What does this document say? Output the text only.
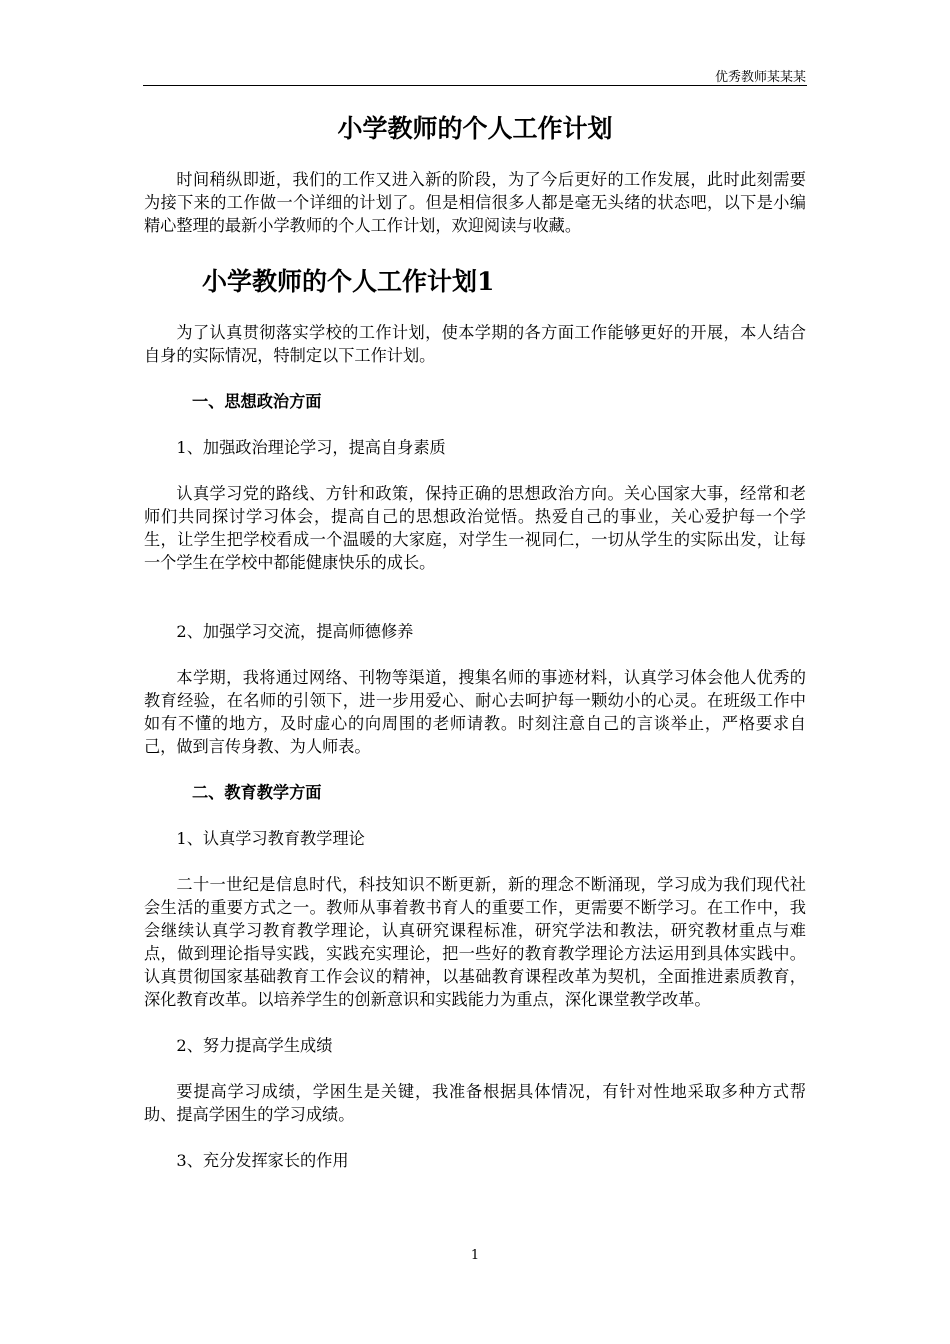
优秀教师某某某
小学教师的个人工作计划

时间稍纵即逝，我们的工作又进入新的阶段，为了今后更好的工作发展，此时此刻需要为接下来的工作做一个详细的计划了。但是相信很多人都是毫无头绪的状态吧，以下是小编精心整理的最新小学教师的个人工作计划，欢迎阅读与收藏。

小学教师的个人工作计划1

为了认真贯彻落实学校的工作计划，使本学期的各方面工作能够更好的开展，本人结合自身的实际情况，特制定以下工作计划。

一、思想政治方面

1、加强政治理论学习，提高自身素质

认真学习党的路线、方针和政策，保持正确的思想政治方向。关心国家大事，经常和老师们共同探讨学习体会，提高自己的思想政治觉悟。热爱自己的事业，关心爱护每一个学生，让学生把学校看成一个温暖的大家庭，对学生一视同仁，一切从学生的实际出发，让每一个学生在学校中都能健康快乐的成长。

2、加强学习交流，提高师德修养

本学期，我将通过网络、刊物等渠道，搜集名师的事迹材料，认真学习体会他人优秀的教育经验，在名师的引领下，进一步用爱心、耐心去呵护每一颗幼小的心灵。在班级工作中如有不懂的地方，及时虚心的向周围的老师请教。时刻注意自己的言谈举止，严格要求自己，做到言传身教、为人师表。

二、教育教学方面

1、认真学习教育教学理论

二十一世纪是信息时代，科技知识不断更新，新的理念不断涌现，学习成为我们现代社会生活的重要方式之一。教师从事着教书育人的重要工作，更需要不断学习。在工作中，我会继续认真学习教育教学理论，认真研究课程标准，研究学法和教法，研究教材重点与难点，做到理论指导实践，实践充实理论，把一些好的教育教学理论方法运用到具体实践中。认真贯彻国家基础教育工作会议的精神，以基础教育课程改革为契机，全面推进素质教育，深化教育改革。以培养学生的创新意识和实践能力为重点，深化课堂教学改革。

2、努力提高学生成绩

要提高学习成绩，学困生是关键，我准备根据具体情况，有针对性地采取多种方式帮助、提高学困生的学习成绩。

3、充分发挥家长的作用

1
